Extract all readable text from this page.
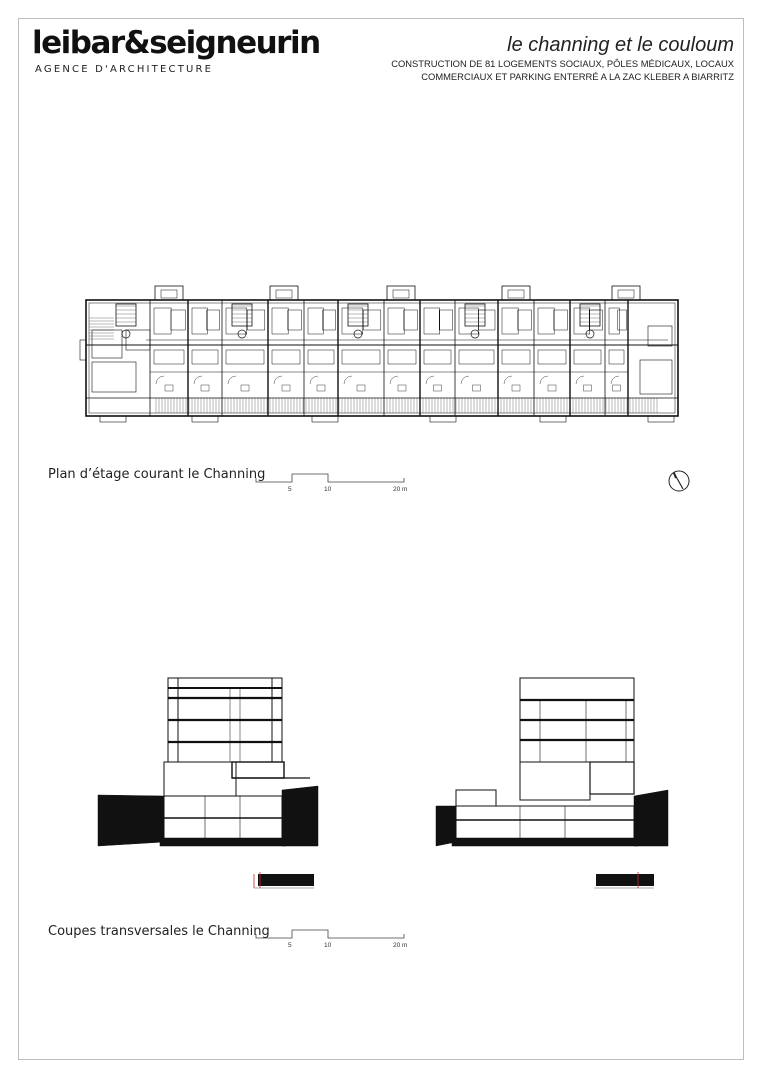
leibar&seigneurin
AGENCE D'ARCHITECTURE
le channing et le couloum
CONSTRUCTION DE 81 LOGEMENTS SOCIAUX, PÔLES MÉDICAUX, LOCAUX
COMMERCIAUX ET PARKING ENTERRÉ A LA ZAC KLEBER A BIARRITZ
Plan d’étage courant le Channing
5	10	20 m
Coupes transversales le Channing
5	10	20 m
